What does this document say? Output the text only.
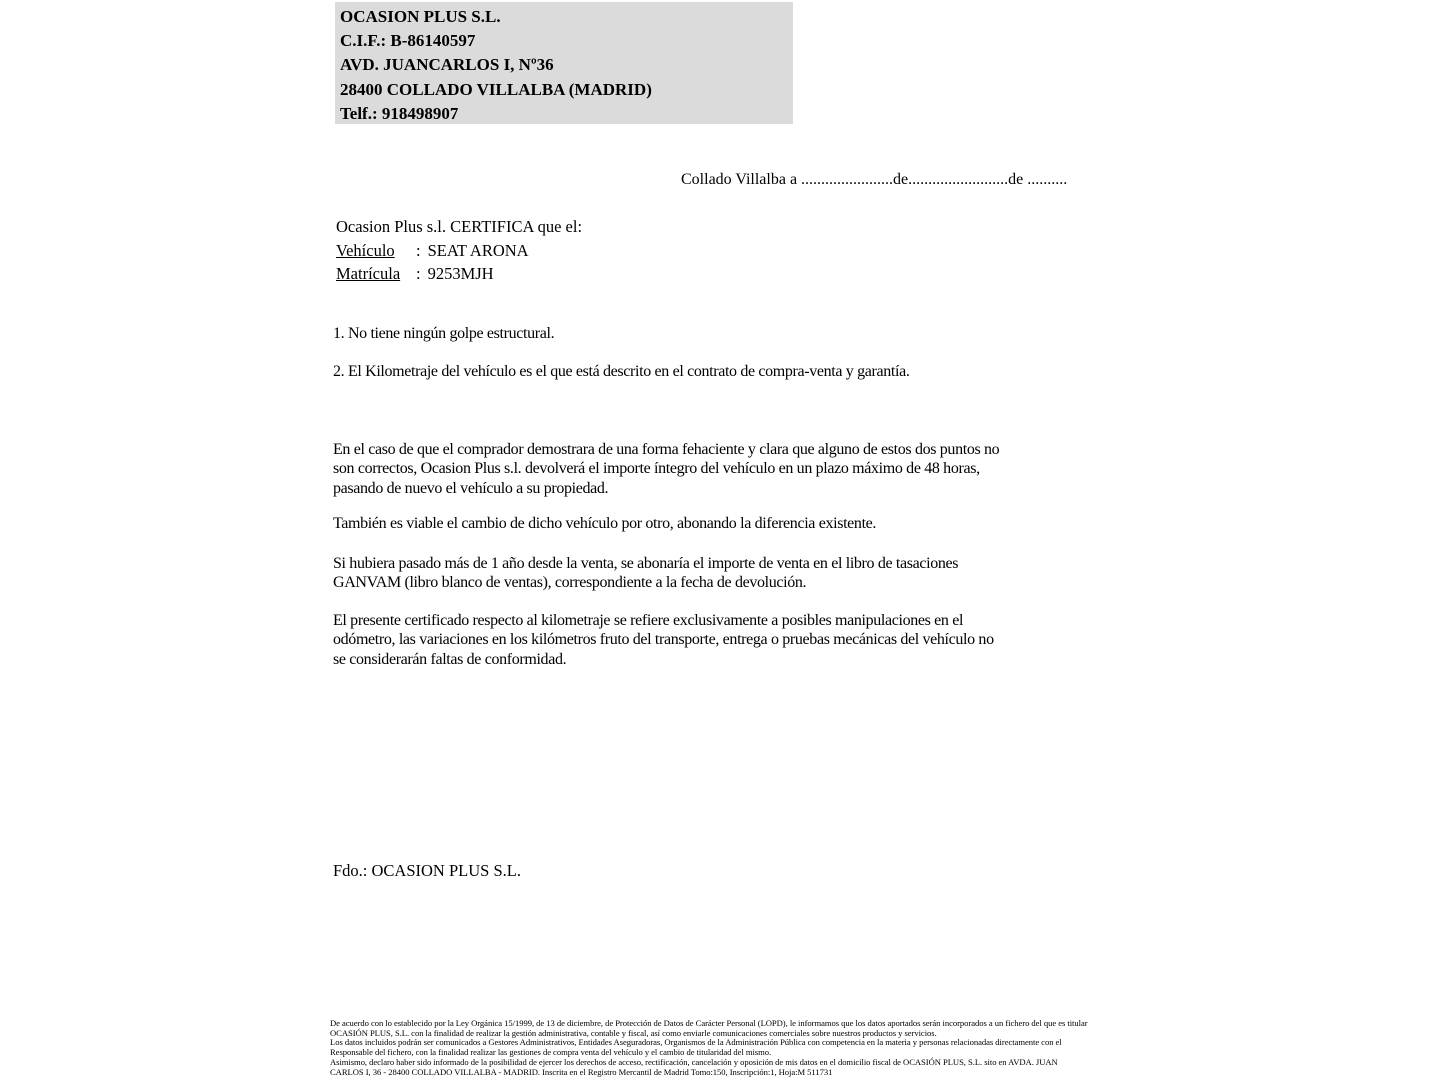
OCASION PLUS S.L.
C.I.F.: B-86140597
AVD. JUANCARLOS I, Nº36
28400 COLLADO VILLALBA (MADRID)
Telf.: 918498907
Collado Villalba a .......................de.........................de ..........
Ocasion Plus s.l. CERTIFICA que el:
Vehículo : SEAT ARONA
Matrícula : 9253MJH
1. No tiene ningún golpe estructural.
2. El Kilometraje del vehículo es el que está descrito en el contrato de compra-venta y garantía.
En el caso de que el comprador demostrara de una forma fehaciente y clara que alguno de estos dos puntos no
son correctos, Ocasion Plus s.l. devolverá el importe íntegro del vehículo en un plazo máximo de 48 horas,
pasando de nuevo el vehículo a su propiedad.
También es viable el cambio de dicho vehículo por otro, abonando la diferencia existente.
Si hubiera pasado más de 1 año desde la venta, se abonaría el importe de venta en el libro de tasaciones
GANVAM (libro blanco de ventas), correspondiente a la fecha de devolución.
El presente certificado respecto al kilometraje se refiere exclusivamente a posibles manipulaciones en el
odómetro, las variaciones en los kilómetros fruto del transporte, entrega o pruebas mecánicas del vehículo no
se considerarán faltas de conformidad.
Fdo.: OCASION PLUS S.L.
De acuerdo con lo establecido por la Ley Orgánica 15/1999, de 13 de diciembre, de Protección de Datos de Carácter Personal (LOPD), le informamos que los datos aportados serán incorporados a un fichero del que es titular
OCASIÓN PLUS, S.L. con la finalidad de realizar la gestión administrativa, contable y fiscal, así como enviarle comunicaciones comerciales sobre nuestros productos y servicios.
Los datos incluidos podrán ser comunicados a Gestores Administrativos, Entidades Aseguradoras, Organismos de la Administración Pública con competencia en la materia y personas relacionadas directamente con el
Responsable del fichero, con la finalidad realizar las gestiones de compra venta del vehículo y el cambio de titularidad del mismo.
Asimismo, declaro haber sido informado de la posibilidad de ejercer los derechos de acceso, rectificación, cancelación y oposición de mis datos en el domicilio fiscal de OCASIÓN PLUS, S.L. sito en AVDA. JUAN
CARLOS I, 36 - 28400 COLLADO VILLALBA - MADRID. Inscrita en el Registro Mercantil de Madrid Tomo:150, Inscripción:1, Hoja:M 511731
